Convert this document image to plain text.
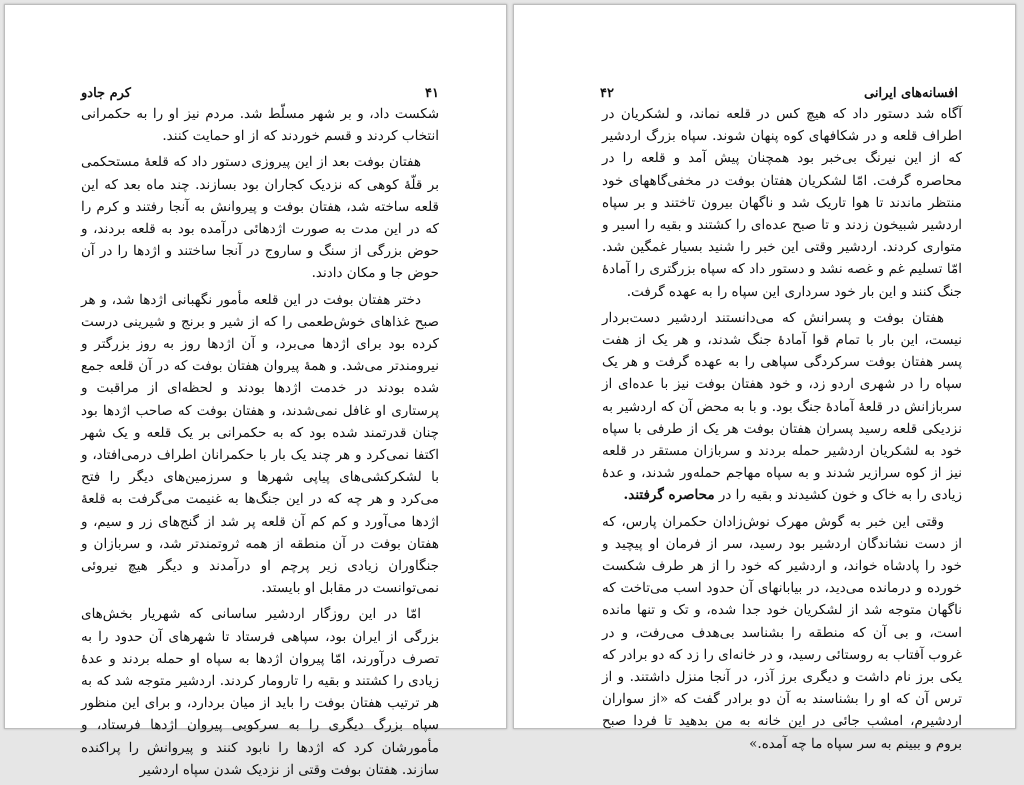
کرم جادو	۴۱

شکست داد، و بر شهر مسلّط شد. مردم نیز او را به حکمرانی انتخاب کردند و قسم خوردند که از او حمایت کنند.

هفتان بوفت بعد از این پیروزی دستور داد که قلعهٔ مستحکمی بر قلّهٔ کوهی که نزدیک کجاران بود بسازند. چند ماه بعد که این قلعه ساخته شد، هفتان بوفت و پیروانش به آنجا رفتند و کرم را که در این مدت به صورت اژدهائی درآمده بود به قلعه بردند، و حوض بزرگی از سنگ و ساروج در آنجا ساختند و اژدها را در آن حوض جا و مکان دادند.

دختر هفتان بوفت در این قلعه مأمور نگهبانی اژدها شد، و هر صبح غذاهای خوش‌طعمی را که از شیر و برنج و شیرینی درست کرده بود برای اژدها می‌برد، و آن اژدها روز به روز بزرگتر و نیرومندتر می‌شد. و همهٔ پیروان هفتان بوفت که در آن قلعه جمع شده بودند در خدمت اژدها بودند و لحظه‌ای از مراقبت و پرستاری او غافل نمی‌شدند، و هفتان بوفت که صاحب اژدها بود چنان قدرتمند شده بود که به حکمرانی بر یک قلعه و یک شهر اکتفا نمی‌کرد و هر چند یک بار با حکمرانان اطراف درمی‌افتاد، و با لشکرکشی‌های پیاپی شهرها و سرزمین‌های دیگر را فتح می‌کرد و هر چه که در این جنگ‌ها به غنیمت می‌گرفت به قلعهٔ اژدها می‌آورد و کم کم آن قلعه پر شد از گنج‌های زر و سیم، و هفتان بوفت در آن منطقه از همه ثروتمندتر شد، و سربازان و جنگاوران زیادی زیر پرچم او درآمدند و دیگر هیچ نیروئی نمی‌توانست در مقابل او بایستد.

امّا در این روزگار اردشیر ساسانی که شهریار بخش‌های بزرگی از ایران بود، سپاهی فرستاد تا شهرهای آن حدود را به تصرف درآورند، امّا پیروان اژدها به سپاه او حمله بردند و عدهٔ زیادی را کشتند و بقیه را تارومار کردند. اردشیر متوجه شد که به هر ترتیب هفتان بوفت را باید از میان بردارد، و برای این منظور سپاه بزرگ دیگری را به سرکوبی پیروان اژدها فرستاد، و مأمورشان کرد که اژدها را نابود کنند و پیروانش را پراکنده سازند. هفتان بوفت وقتی از نزدیک شدن سپاه اردشیر

۴۲	افسانه‌های ایرانی

آگاه شد دستور داد که هیچ کس در قلعه نماند، و لشکریان در اطراف قلعه و در شکافهای کوه پنهان شوند. سپاه بزرگ اردشیر که از این نیرنگ بی‌خبر بود همچنان پیش آمد و قلعه را در محاصره گرفت. امّا لشکریان هفتان بوفت در مخفی‌گاههای خود منتظر ماندند تا هوا تاریک شد و ناگهان بیرون تاختند و بر سپاه اردشیر شبیخون زدند و تا صبح عده‌ای را کشتند و بقیه را اسیر و متواری کردند. اردشیر وقتی این خبر را شنید بسیار غمگین شد. امّا تسلیم غم و غصه نشد و دستور داد که سپاه بزرگتری را آمادهٔ جنگ کنند و این بار خود سرداری این سپاه را به عهده گرفت.

هفتان بوفت و پسرانش که می‌دانستند اردشیر دست‌بردار نیست، این بار با تمام قوا آمادهٔ جنگ شدند، و هر یک از هفت پسر هفتان بوفت سرکردگی سپاهی را به عهده گرفت و هر یک سپاه را در شهری اردو زد، و خود هفتان بوفت نیز با عده‌ای از سربازانش در قلعهٔ آمادهٔ جنگ بود. و با به محض آن که اردشیر به نزدیکی قلعه رسید پسران هفتان بوفت هر یک از طرفی با سپاه خود به لشکریان اردشیر حمله بردند و سربازان مستقر در قلعه نیز از کوه سرازیر شدند و به سپاه مهاجم حمله‌ور شدند، و عدهٔ زیادی را به خاک و خون کشیدند و بقیه را در محاصره گرفتند.

وقتی این خبر به گوش مهرک نوش‌زادان حکمران پارس، که از دست نشاندگان اردشیر بود رسید، سر از فرمان او پیچید و خود را پادشاه خواند، و اردشیر که خود را از هر طرف شکست خورده و درمانده می‌دید، در بیابانهای آن حدود اسب می‌تاخت که ناگهان متوجه شد از لشکریان خود جدا شده، و تک و تنها مانده است، و بی آن که منطقه را بشناسد بی‌هدف می‌رفت، و در غروب آفتاب به روستائی رسید، و در خانه‌ای را زد که دو برادر که یکی برز نام داشت و دیگری برز آذر، در آنجا منزل داشتند. و از ترس آن که او را بشناسند به آن دو برادر گفت که «از سواران اردشیرم، امشب جائی در این خانه به من بدهید تا فردا صبح بروم و ببینم به سر سپاه ما چه آمده.»
